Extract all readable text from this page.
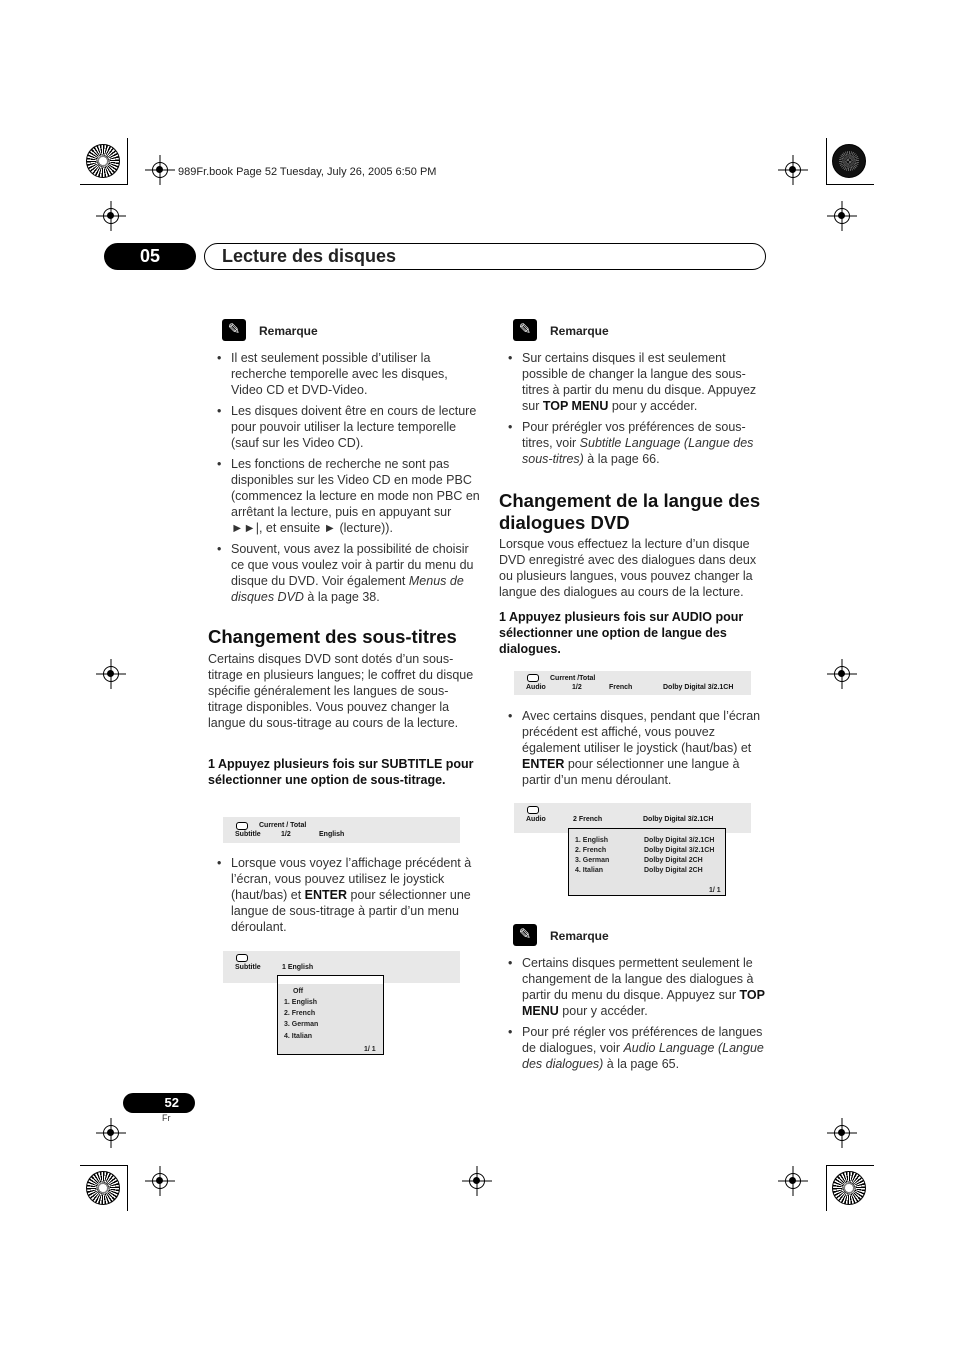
989Fr.book Page 52 Tuesday, July 26, 2005 6:50 PM
05	Lecture des disques
✎	Remarque
• Il est seulement possible d’utiliser la recherche temporelle avec les disques, Video CD et DVD-Video.
• Les disques doivent être en cours de lecture pour pouvoir utiliser la lecture temporelle (sauf sur les Video CD).
• Les fonctions de recherche ne sont pas disponibles sur les Video CD en mode PBC (commencez la lecture en mode non PBC en arrêtant la lecture, puis en appuyant sur ►►|, et ensuite ► (lecture)).
• Souvent, vous avez la possibilité de choisir ce que vous voulez voir à partir du menu du disque du DVD. Voir également Menus de disques DVD à la page 38.
Changement des sous-titres
Certains disques DVD sont dotés d’un sous-titrage en plusieurs langues; le coffret du disque spécifie généralement les langues de sous-titrage disponibles. Vous pouvez changer la langue du sous-titrage au cours de la lecture.
1 Appuyez plusieurs fois sur SUBTITLE pour sélectionner une option de sous-titrage.
Current / Total
Subtitle	1/2	English
• Lorsque vous voyez l’affichage précédent à l’écran, vous pouvez utilisez le joystick (haut/bas) et ENTER pour sélectionner une langue de sous-titrage à partir d’un menu déroulant.
Subtitle	1 English
Off
1. English
2. French
3. German
4. Italian
1/ 1
✎	Remarque
• Sur certains disques il est seulement possible de changer la langue des sous-titres à partir du menu du disque. Appuyez sur TOP MENU pour y accéder.
• Pour prérégler vos préférences de sous-titres, voir Subtitle Language (Langue des sous-titres) à la page 66.
Changement de la langue des dialogues DVD
Lorsque vous effectuez la lecture d’un disque DVD enregistré avec des dialogues dans deux ou plusieurs langues, vous pouvez changer la langue des dialogues au cours de la lecture.
1 Appuyez plusieurs fois sur AUDIO pour sélectionner une option de langue des dialogues.
Current /Total
Audio	1/2	French	Dolby Digital 3/2.1CH
• Avec certains disques, pendant que l’écran précédent est affiché, vous pouvez également utiliser le joystick (haut/bas) et ENTER pour sélectionner une langue à partir d’un menu déroulant.
Audio	2 French	Dolby Digital 3/2.1CH
1. English	Dolby Digital 3/2.1CH
2. French	Dolby Digital 3/2.1CH
3. German	Dolby Digital 2CH
4. Italian	Dolby Digital 2CH
1/ 1
✎	Remarque
• Certains disques permettent seulement le changement de la langue des dialogues à partir du menu du disque. Appuyez sur TOP MENU pour y accéder.
• Pour pré régler vos préférences de langues de dialogues, voir Audio Language (Langue des dialogues) à la page 65.
52
Fr
